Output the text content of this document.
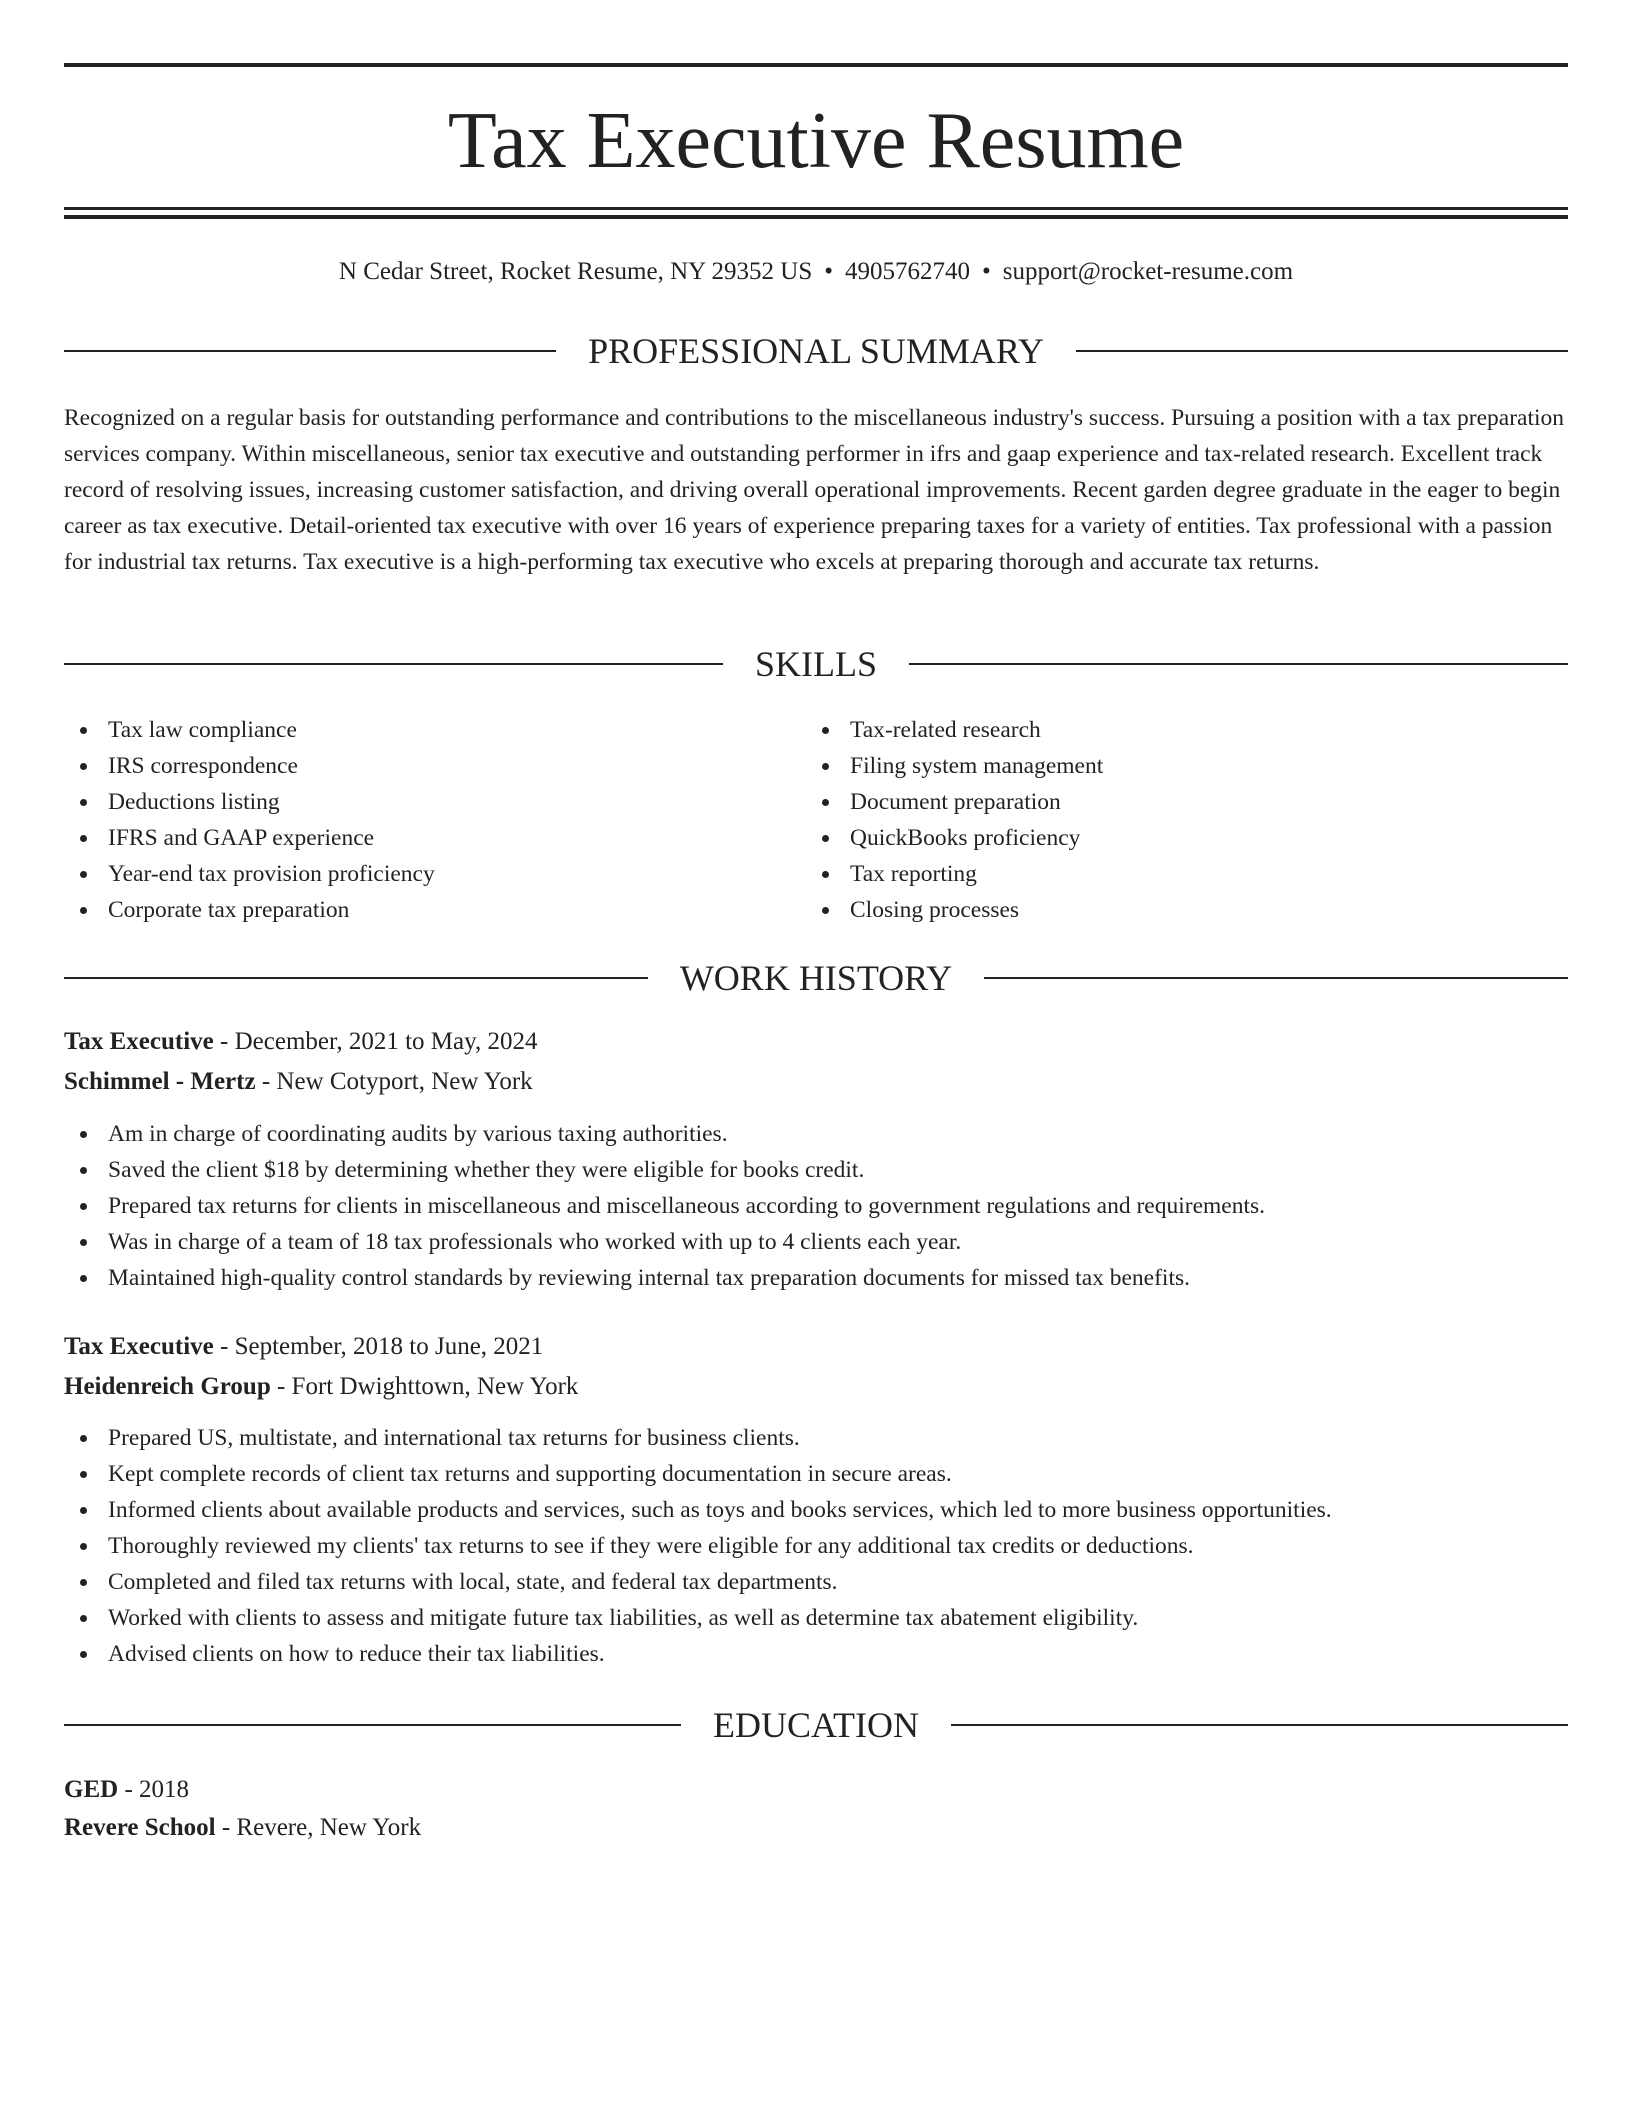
Tax Executive Resume
N Cedar Street, Rocket Resume, NY 29352 US • 4905762740 • support@rocket-resume.com
PROFESSIONAL SUMMARY
Recognized on a regular basis for outstanding performance and contributions to the miscellaneous industry's success. Pursuing a position with a tax preparation services company. Within miscellaneous, senior tax executive and outstanding performer in ifrs and gaap experience and tax-related research. Excellent track record of resolving issues, increasing customer satisfaction, and driving overall operational improvements. Recent garden degree graduate in the eager to begin career as tax executive. Detail-oriented tax executive with over 16 years of experience preparing taxes for a variety of entities. Tax professional with a passion for industrial tax returns. Tax executive is a high-performing tax executive who excels at preparing thorough and accurate tax returns.
SKILLS
Tax law compliance
IRS correspondence
Deductions listing
IFRS and GAAP experience
Year-end tax provision proficiency
Corporate tax preparation
Tax-related research
Filing system management
Document preparation
QuickBooks proficiency
Tax reporting
Closing processes
WORK HISTORY
Tax Executive - December, 2021 to May, 2024
Schimmel - Mertz - New Cotyport, New York
Am in charge of coordinating audits by various taxing authorities.
Saved the client $18 by determining whether they were eligible for books credit.
Prepared tax returns for clients in miscellaneous and miscellaneous according to government regulations and requirements.
Was in charge of a team of 18 tax professionals who worked with up to 4 clients each year.
Maintained high-quality control standards by reviewing internal tax preparation documents for missed tax benefits.
Tax Executive - September, 2018 to June, 2021
Heidenreich Group - Fort Dwighttown, New York
Prepared US, multistate, and international tax returns for business clients.
Kept complete records of client tax returns and supporting documentation in secure areas.
Informed clients about available products and services, such as toys and books services, which led to more business opportunities.
Thoroughly reviewed my clients' tax returns to see if they were eligible for any additional tax credits or deductions.
Completed and filed tax returns with local, state, and federal tax departments.
Worked with clients to assess and mitigate future tax liabilities, as well as determine tax abatement eligibility.
Advised clients on how to reduce their tax liabilities.
EDUCATION
GED - 2018
Revere School - Revere, New York
